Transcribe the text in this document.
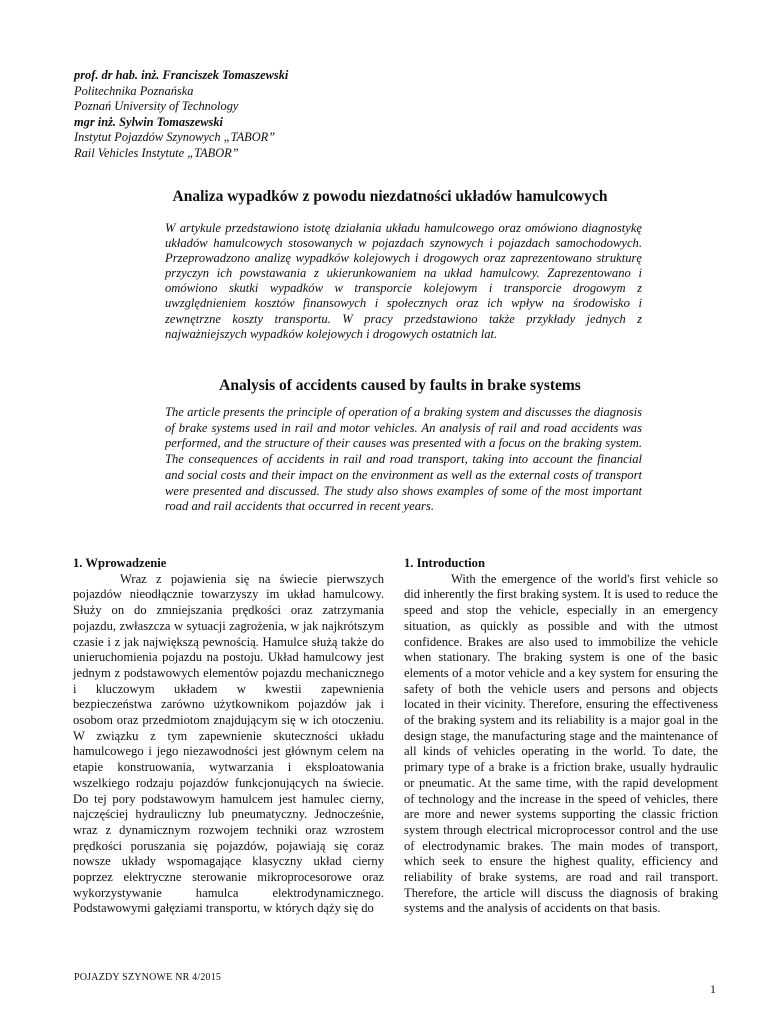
prof. dr hab. inż. Franciszek Tomaszewski
Politechnika Poznańska
Poznań University of Technology
mgr inż. Sylwin Tomaszewski
Instytut Pojazdów Szynowych „TABOR”
Rail Vehicles Instytute „TABOR”
Analiza wypadków z powodu niezdatności układów hamulcowych

W artykule przedstawiono istotę działania układu hamulcowego oraz omówiono diagnostykę układów hamulcowych stosowanych w pojazdach szynowych i pojazdach samochodowych. Przeprowadzono analizę wypadków kolejowych i drogowych oraz zaprezentowano strukturę przyczyn ich powstawania z ukierunkowaniem na układ hamulcowy. Zaprezentowano i omówiono skutki wypadków w transporcie kolejowym i transporcie drogowym z uwzględnieniem kosztów finansowych i społecznych oraz ich wpływ na środowisko i zewnętrzne koszty transportu. W pracy przedstawiono także przykłady jednych z najważniejszych wypadków kolejowych i drogowych ostatnich lat.

Analysis of accidents caused by faults in brake systems

The article presents the principle of operation of a braking system and discusses the diagnosis of brake systems used in rail and motor vehicles. An analysis of rail and road accidents was performed, and the structure of their causes was presented with a focus on the braking system. The consequences of accidents in rail and road transport, taking into account the financial and social costs and their impact on the environment as well as the external costs of transport were presented and discussed. The study also shows examples of some of the most important road and rail accidents that occurred in recent years.

1. Wprowadzenie

Wraz z pojawienia się na świecie pierwszych pojazdów nieodłącznie towarzyszy im układ hamulcowy. Służy on do zmniejszania prędkości oraz zatrzymania pojazdu, zwłaszcza w sytuacji zagrożenia, w jak najkrótszym czasie i z jak największą pewnością. Hamulce służą także do unieruchomienia pojazdu na postoju. Układ hamulcowy jest jednym z podstawowych elementów pojazdu mechanicznego i kluczowym układem w kwestii zapewnienia bezpieczeństwa zarówno użytkownikom pojazdów jak i osobom oraz przedmiotom znajdującym się w ich otoczeniu. W związku z tym zapewnienie skuteczności układu hamulcowego i jego niezawodności jest głównym celem na etapie konstruowania, wytwarzania i eksploatowania wszelkiego rodzaju pojazdów funkcjonujących na świecie. Do tej pory podstawowym hamulcem jest hamulec cierny, najczęściej hydrauliczny lub pneumatyczny. Jednocześnie, wraz z dynamicznym rozwojem techniki oraz wzrostem prędkości poruszania się pojazdów, pojawiają się coraz nowsze układy wspomagające klasyczny układ cierny poprzez elektryczne sterowanie mikroprocesorowe oraz wykorzystywanie hamulca elektrodynamicznego. Podstawowymi gałęziami transportu, w których dąży się do

1. Introduction

With the emergence of the world's first vehicle so did inherently the first braking system. It is used to reduce the speed and stop the vehicle, especially in an emergency situation, as quickly as possible and with the utmost confidence. Brakes are also used to immobilize the vehicle when stationary. The braking system is one of the basic elements of a motor vehicle and a key system for ensuring the safety of both the vehicle users and persons and objects located in their vicinity. Therefore, ensuring the effectiveness of the braking system and its reliability is a major goal in the design stage, the manufacturing stage and the maintenance of all kinds of vehicles operating in the world. To date, the primary type of a brake is a friction brake, usually hydraulic or pneumatic. At the same time, with the rapid development of technology and the increase in the speed of vehicles, there are more and newer systems supporting the classic friction system through electrical microprocessor control and the use of electrodynamic brakes. The main modes of transport, which seek to ensure the highest quality, efficiency and reliability of brake systems, are road and rail transport. Therefore, the article will discuss the diagnosis of braking systems and the analysis of accidents on that basis.

POJAZDY SZYNOWE NR 4/2015
1
